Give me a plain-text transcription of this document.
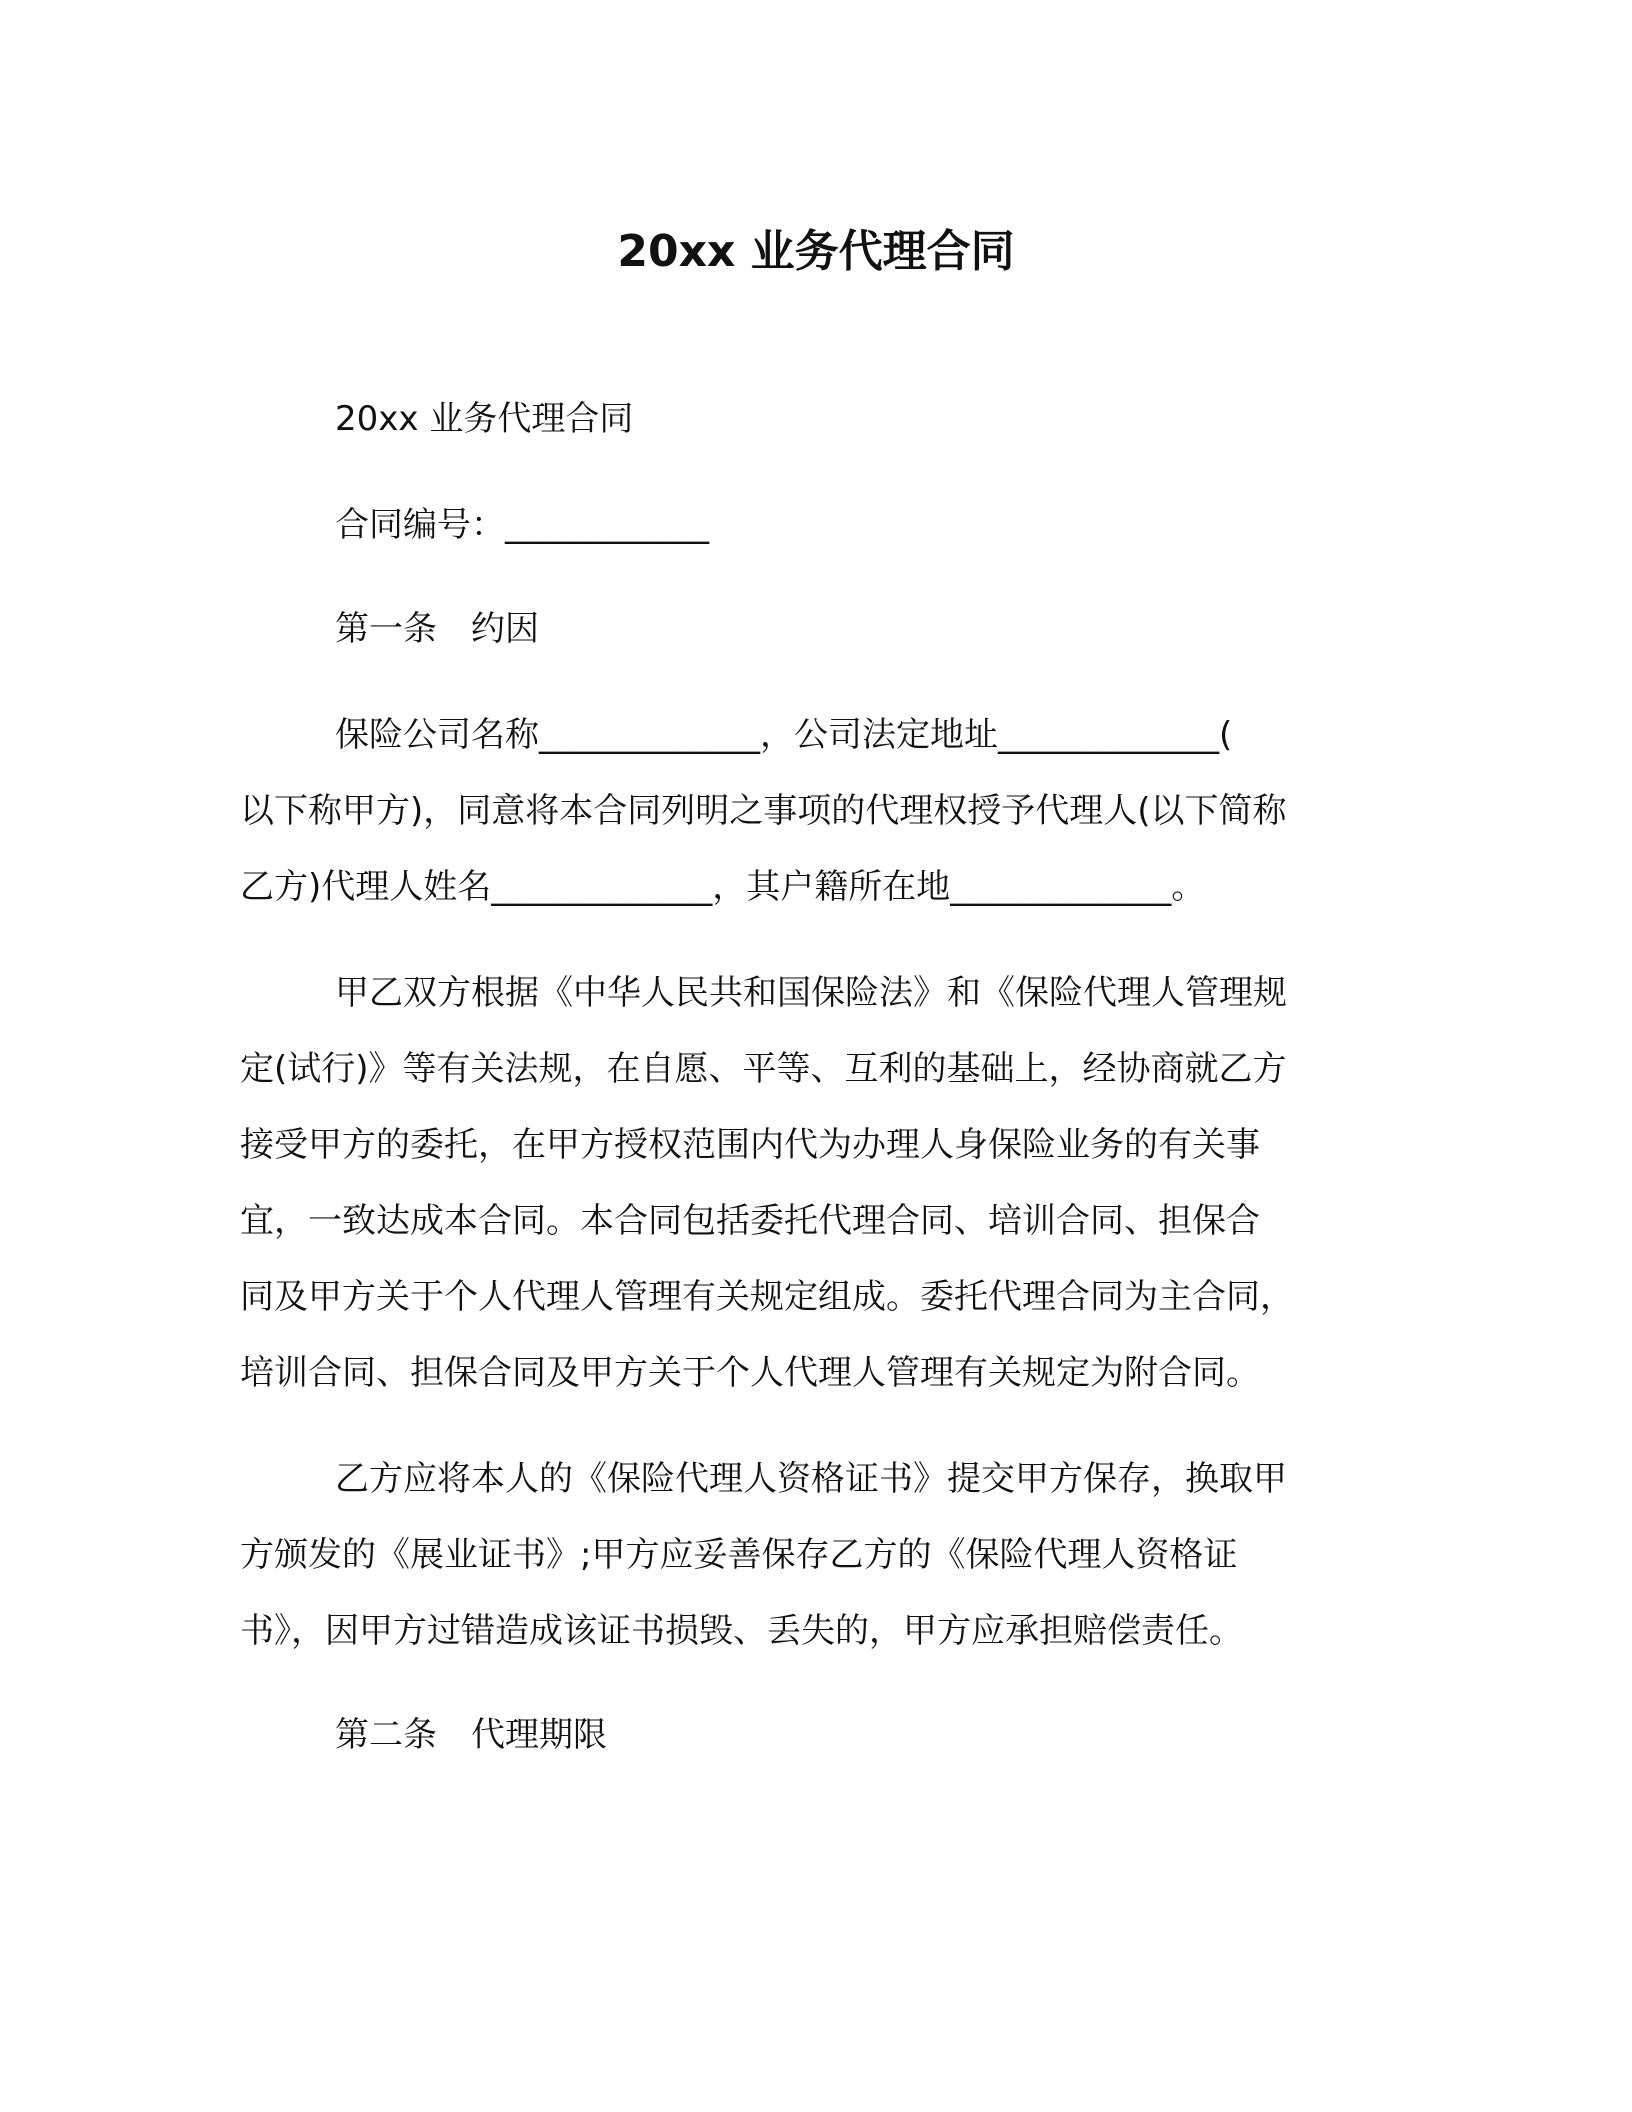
20xx 业务代理合同

20xx 业务代理合同

合同编号：____________

第一条　约因

保险公司名称_____________，公司法定地址_____________(

以下称甲方)，同意将本合同列明之事项的代理权授予代理人(以下简称

乙方)代理人姓名_____________，其户籍所在地_____________。

甲乙双方根据《中华人民共和国保险法》和《保险代理人管理规

定(试行)》等有关法规，在自愿、平等、互利的基础上，经协商就乙方

接受甲方的委托，在甲方授权范围内代为办理人身保险业务的有关事

宜，一致达成本合同。本合同包括委托代理合同、培训合同、担保合

同及甲方关于个人代理人管理有关规定组成。委托代理合同为主合同，

培训合同、担保合同及甲方关于个人代理人管理有关规定为附合同。

乙方应将本人的《保险代理人资格证书》提交甲方保存，换取甲

方颁发的《展业证书》;甲方应妥善保存乙方的《保险代理人资格证

书》，因甲方过错造成该证书损毁、丢失的，甲方应承担赔偿责任。

第二条　代理期限
